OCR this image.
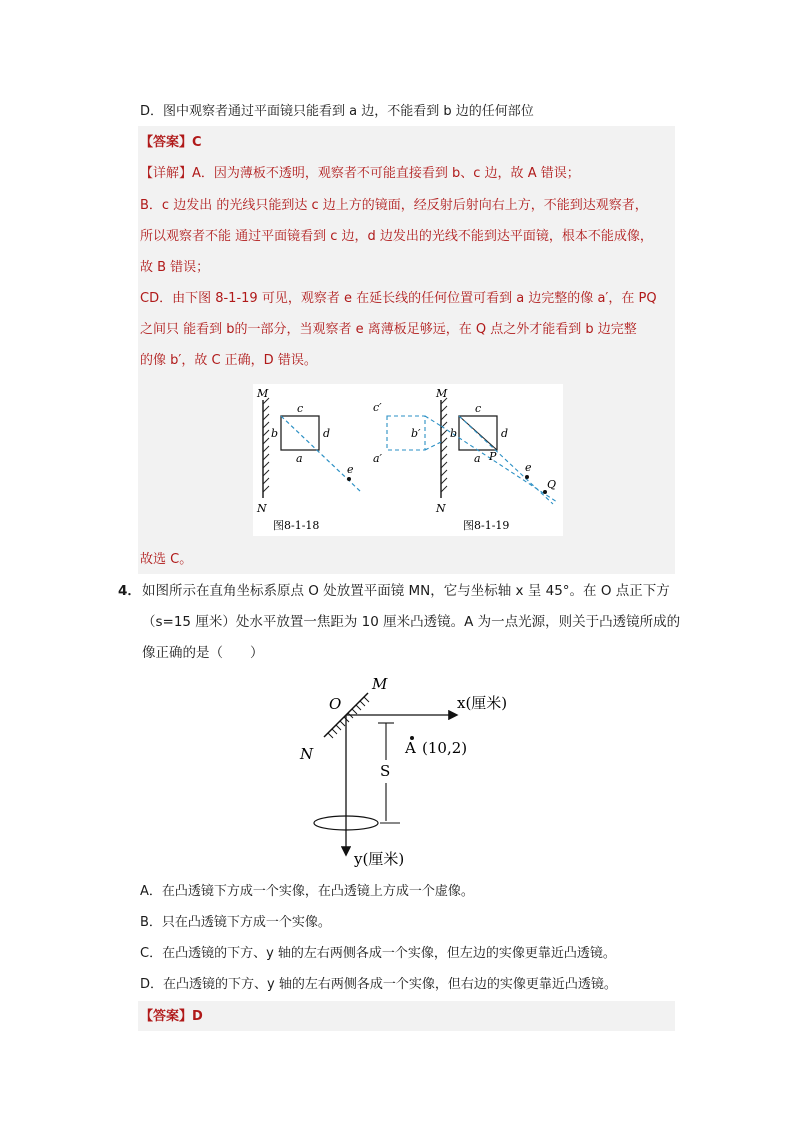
D．图中观察者通过平面镜只能看到 a 边，不能看到 b 边的任何部位
【答案】C
【详解】A．因为薄板不透明，观察者不可能直接看到 b、c 边，故 A 错误；
B．c 边发出 的光线只能到达 c 边上方的镜面，经反射后射向右上方，不能到达观察者，
所以观察者不能 通过平面镜看到 c 边，d 边发出的光线不能到达平面镜，根本不能成像，
故 B 错误；
CD．由下图 8-1-19 可见，观察者 e 在延长线的任何位置可看到 a 边完整的像 a′，在 PQ
之间只 能看到 b的一部分，当观察者 e 离薄板足够远，在 Q 点之外才能看到 b 边完整
的像 b′，故 C 正确，D 错误。
M
N
c
b	d
a
e
图8-1-18
M
N
c′
b′
a′
c
b	d
a P
e
Q
图8-1-19
故选 C。
4． 如图所示在直角坐标系原点 O 处放置平面镜 MN，它与坐标轴 x 呈 45°。在 O 点正下方
（s=15 厘米）处水平放置一焦距为 10 厘米凸透镜。A 为一点光源，则关于凸透镜所成的
像正确的是（　　）
O
M
N
x(厘米)
y(厘米)
A (10,2)
S
A．在凸透镜下方成一个实像，在凸透镜上方成一个虚像。
B．只在凸透镜下方成一个实像。
C．在凸透镜的下方、y 轴的左右两侧各成一个实像，但左边的实像更靠近凸透镜。
D．在凸透镜的下方、y 轴的左右两侧各成一个实像，但右边的实像更靠近凸透镜。
【答案】D
